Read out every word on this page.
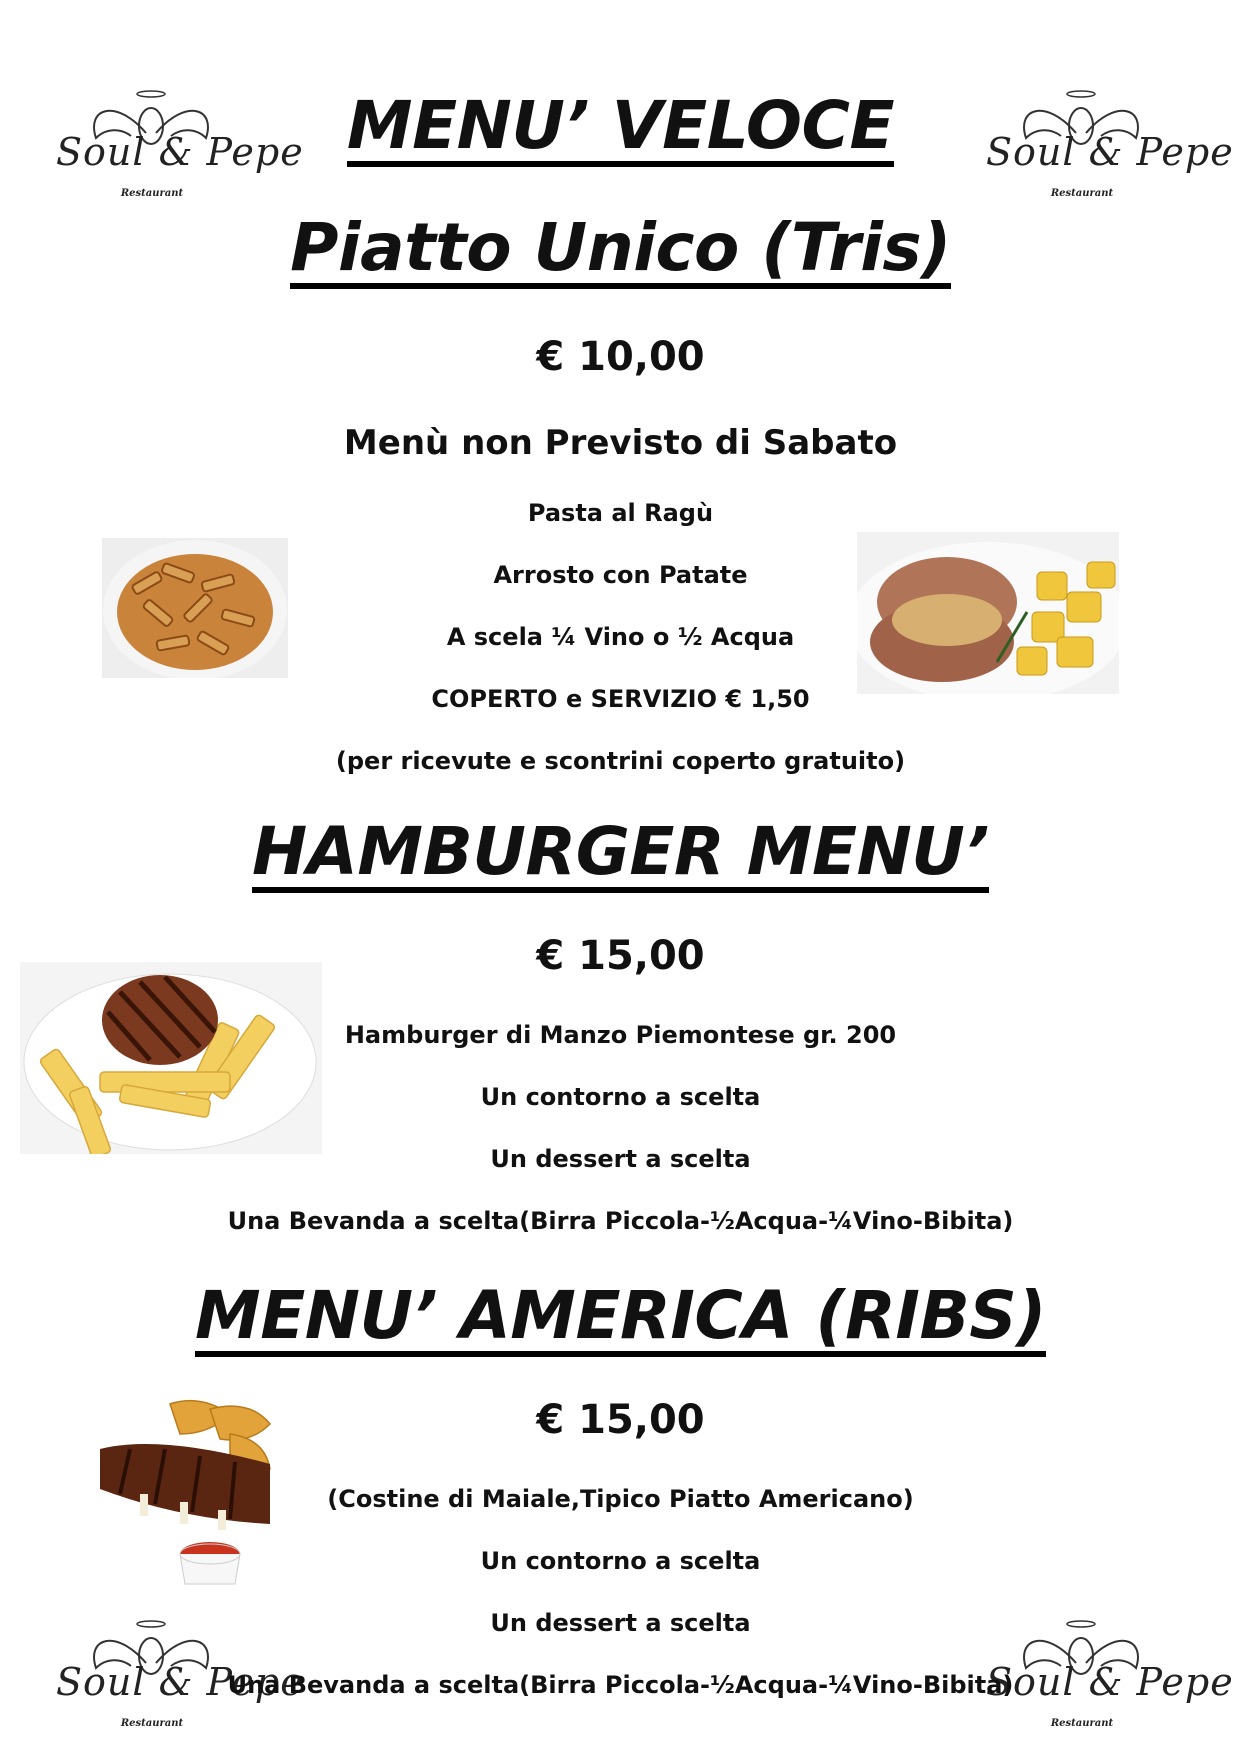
Soul & Pepe
Restaurant
Soul & Pepe
Restaurant
Soul & Pepe
Restaurant
Soul & Pepe
Restaurant
MENU’ VELOCE
Piatto Unico (Tris)
€ 10,00
Menù non Previsto di Sabato
Pasta al Ragù
Arrosto con Patate
A scela ¼ Vino o ½ Acqua
COPERTO e SERVIZIO € 1,50
(per ricevute e scontrini coperto gratuito)
HAMBURGER MENU’
€ 15,00
Hamburger di Manzo Piemontese gr. 200
Un contorno a scelta
Un dessert a scelta
Una Bevanda a scelta(Birra Piccola-½Acqua-¼Vino-Bibita)
MENU’ AMERICA (RIBS)
€ 15,00
(Costine di Maiale,Tipico Piatto Americano)
Un contorno a scelta
Un dessert a scelta
Una Bevanda a scelta(Birra Piccola-½Acqua-¼Vino-Bibita)
